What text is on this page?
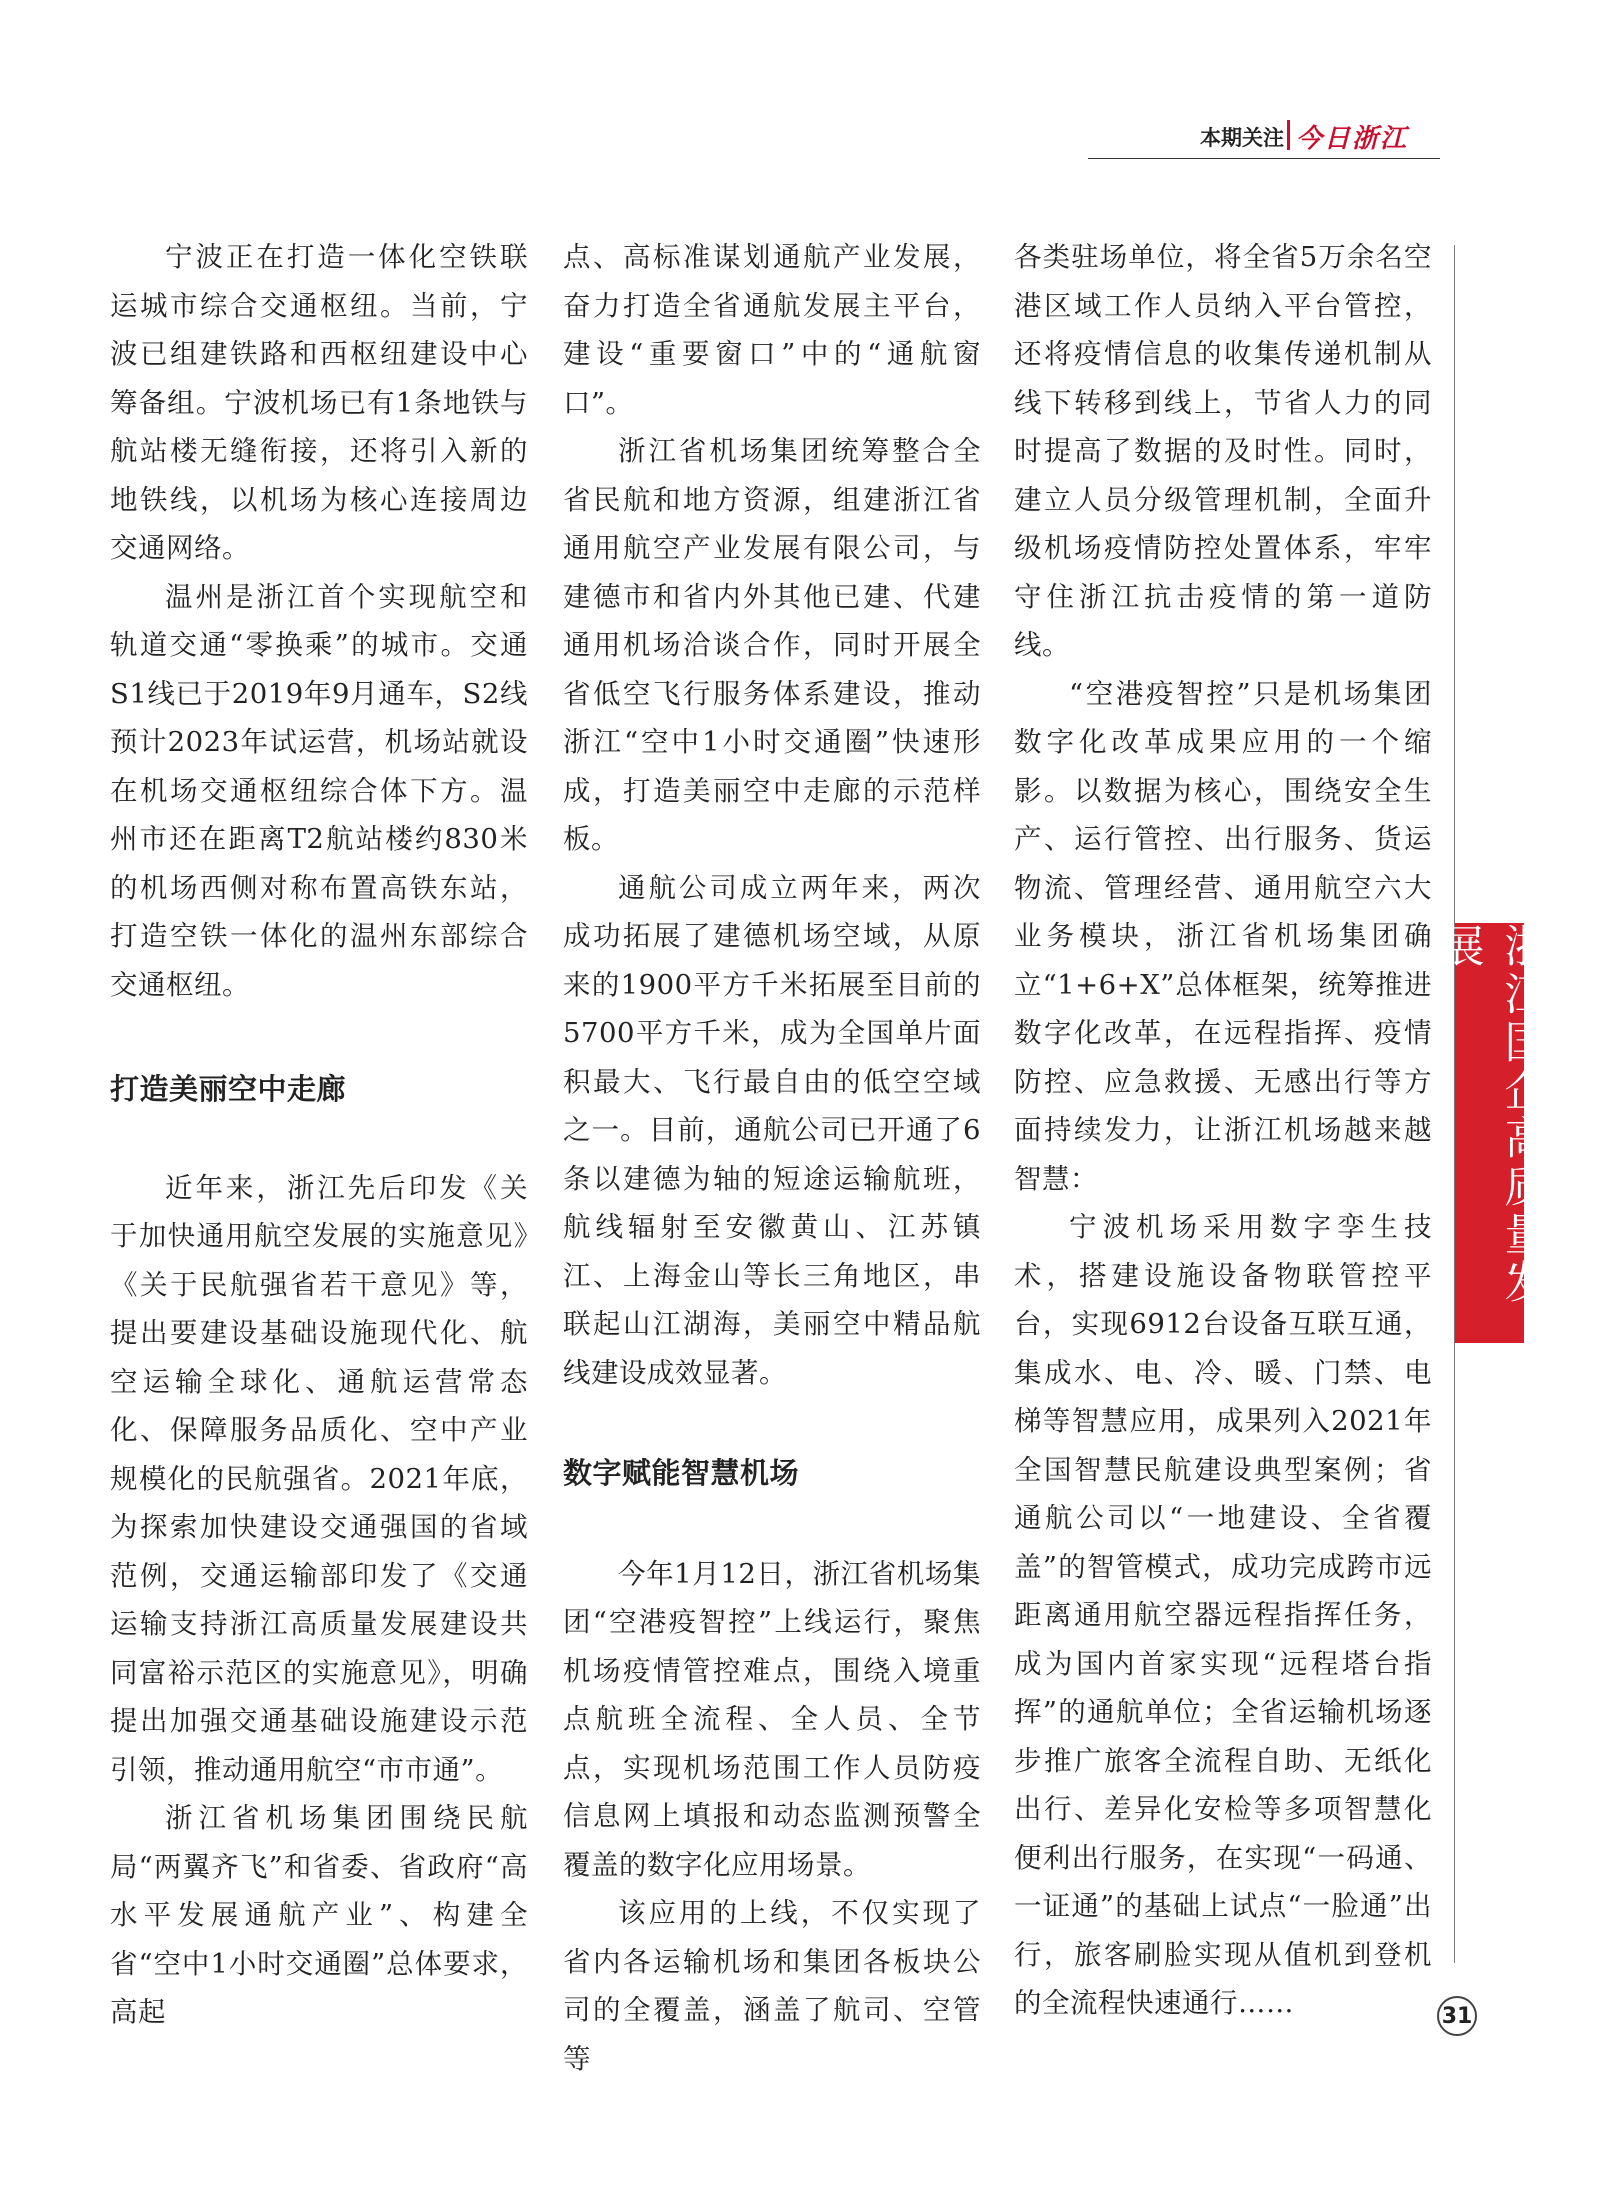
本期关注 今日浙江

宁波正在打造一体化空铁联运城市综合交通枢纽。当前，宁波已组建铁路和西枢纽建设中心筹备组。宁波机场已有1条地铁与航站楼无缝衔接，还将引入新的地铁线，以机场为核心连接周边交通网络。

温州是浙江首个实现航空和轨道交通“零换乘”的城市。交通S1线已于2019年9月通车，S2线预计2023年试运营，机场站就设在机场交通枢纽综合体下方。温州市还在距离T2航站楼约830米的机场西侧对称布置高铁东站，打造空铁一体化的温州东部综合交通枢纽。

打造美丽空中走廊

近年来，浙江先后印发《关于加快通用航空发展的实施意见》《关于民航强省若干意见》等，提出要建设基础设施现代化、航空运输全球化、通航运营常态化、保障服务品质化、空中产业规模化的民航强省。2021年底，为探索加快建设交通强国的省域范例，交通运输部印发了《交通运输支持浙江高质量发展建设共同富裕示范区的实施意见》，明确提出加强交通基础设施建设示范引领，推动通用航空“市市通”。

浙江省机场集团围绕民航局“两翼齐飞”和省委、省政府“高水平发展通航产业”、构建全省“空中1小时交通圈”总体要求，高起

点、高标准谋划通航产业发展，奋力打造全省通航发展主平台，建设“重要窗口”中的“通航窗口”。

浙江省机场集团统筹整合全省民航和地方资源，组建浙江省通用航空产业发展有限公司，与建德市和省内外其他已建、代建通用机场洽谈合作，同时开展全省低空飞行服务体系建设，推动浙江“空中1小时交通圈”快速形成，打造美丽空中走廊的示范样板。

通航公司成立两年来，两次成功拓展了建德机场空域，从原来的1900平方千米拓展至目前的5700平方千米，成为全国单片面积最大、飞行最自由的低空空域之一。目前，通航公司已开通了6条以建德为轴的短途运输航班，航线辐射至安徽黄山、江苏镇江、上海金山等长三角地区，串联起山江湖海，美丽空中精品航线建设成效显著。

数字赋能智慧机场

今年1月12日，浙江省机场集团“空港疫智控”上线运行，聚焦机场疫情管控难点，围绕入境重点航班全流程、全人员、全节点，实现机场范围工作人员防疫信息网上填报和动态监测预警全覆盖的数字化应用场景。

该应用的上线，不仅实现了省内各运输机场和集团各板块公司的全覆盖，涵盖了航司、空管等

各类驻场单位，将全省5万余名空港区域工作人员纳入平台管控，还将疫情信息的收集传递机制从线下转移到线上，节省人力的同时提高了数据的及时性。同时，建立人员分级管理机制，全面升级机场疫情防控处置体系，牢牢守住浙江抗击疫情的第一道防线。

“空港疫智控”只是机场集团数字化改革成果应用的一个缩影。以数据为核心，围绕安全生产、运行管控、出行服务、货运物流、管理经营、通用航空六大业务模块，浙江省机场集团确立“1+6+X”总体框架，统筹推进数字化改革，在远程指挥、疫情防控、应急救援、无感出行等方面持续发力，让浙江机场越来越智慧：

宁波机场采用数字孪生技术，搭建设施设备物联管控平台，实现6912台设备互联互通，集成水、电、冷、暖、门禁、电梯等智慧应用，成果列入2021年全国智慧民航建设典型案例；省通航公司以“一地建设、全省覆盖”的智管模式，成功完成跨市远距离通用航空器远程指挥任务，成为国内首家实现“远程塔台指挥”的通航单位；全省运输机场逐步推广旅客全流程自助、无纸化出行、差异化安检等多项智慧化便利出行服务，在实现“一码通、一证通”的基础上试点“一脸通”出行，旅客刷脸实现从值机到登机的全流程快速通行……

浙江国企高质量发展
31
